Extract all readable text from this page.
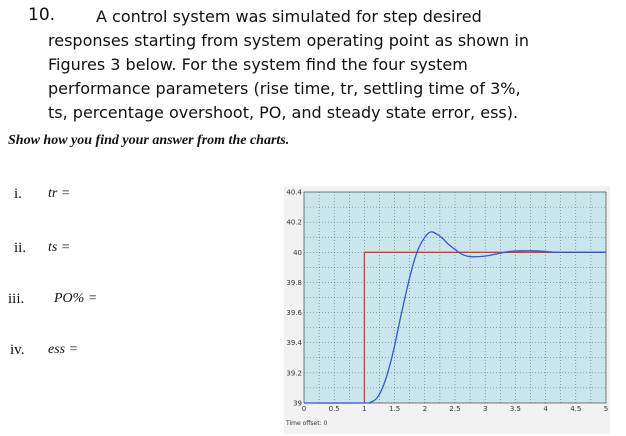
10.	A control system was simulated for step desired
responses starting from system operating point as shown in
Figures 3 below. For the system find the four system
performance parameters (rise time, tr, settling time of 3%,
ts, percentage overshoot, PO, and steady state error, ess).
Show how you find your answer from the charts.
i. tr =
ii. ts =
iii. PO% =
iv. ess =
0	0.5	1	1.5	2	2.5	3	3.5	4	4.5	5
39
39.2
39.4
39.6
39.8
40
40.2
40.4
Time offset: 0
